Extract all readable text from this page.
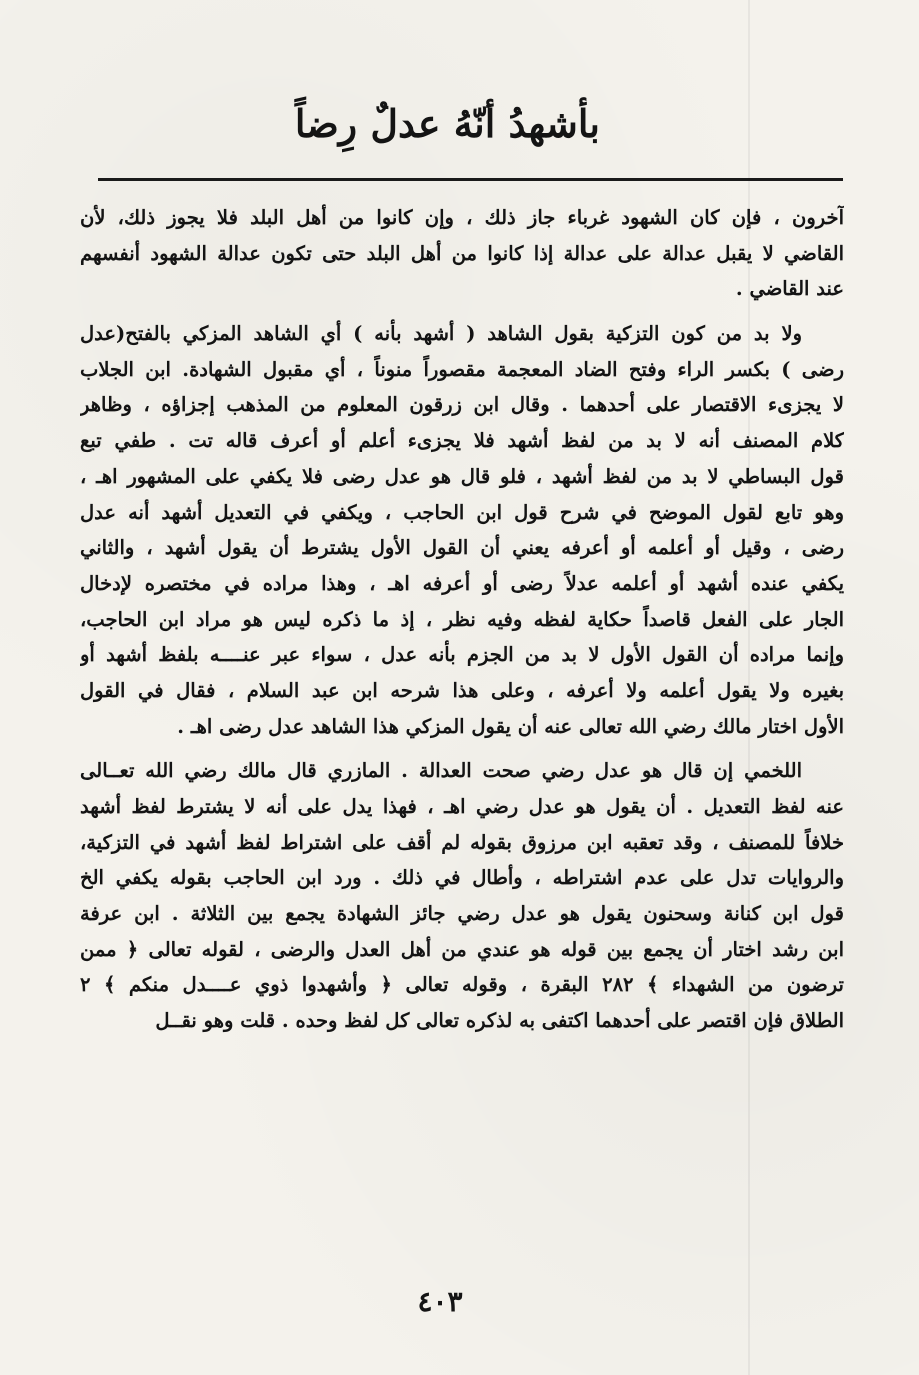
بأشهدُ أنّهُ عدلٌ رِضاً
آخرون ، فإن كان الشهود غرباء جاز ذلك ، وإن كانوا من أهل البلد فلا يجوز ذلك، لأن
القاضي لا يقبل عدالة على عدالة إذا كانوا من أهل البلد حتى تكون عدالة الشهود أنفسهم
عند القاضي .
ولا بد من كون التزكية بقول الشاهد ( أشهد بأنه ) أي الشاهد المزكي بالفتح(عدل
رضى ) بكسر الراء وفتح الضاد المعجمة مقصوراً منوناً ، أي مقبول الشهادة. ابن الجلاب
لا يجزىء الاقتصار على أحدهما . وقال ابن زرقون المعلوم من المذهب إجزاؤه ، وظاهر
كلام المصنف أنه لا بد من لفظ أشهد فلا يجزىء أعلم أو أعرف قاله تت . طفي تبع
قول البساطي لا بد من لفظ أشهد ، فلو قال هو عدل رضى فلا يكفي على المشهور اهـ ،
وهو تابع لقول الموضح في شرح قول ابن الحاجب ، ويكفي في التعديل أشهد أنه عدل
رضى ، وقيل أو أعلمه أو أعرفه يعني أن القول الأول يشترط أن يقول أشهد ، والثاني
يكفي عنده أشهد أو أعلمه عدلاً رضى أو أعرفه اهـ ، وهذا مراده في مختصره لإدخال
الجار على الفعل قاصداً حكاية لفظه وفيه نظر ، إذ ما ذكره ليس هو مراد ابن الحاجب،
وإنما مراده أن القول الأول لا بد من الجزم بأنه عدل ، سواء عبر عنــــه بلفظ أشهد أو
بغيره ولا يقول أعلمه ولا أعرفه ، وعلى هذا شرحه ابن عبد السلام ، فقال في القول
الأول اختار مالك رضي الله تعالى عنه أن يقول المزكي هذا الشاهد عدل رضى اهـ .
اللخمي إن قال هو عدل رضي صحت العدالة . المازري قال مالك رضي الله تعــالى
عنه لفظ التعديل . أن يقول هو عدل رضي اهـ ، فهذا يدل على أنه لا يشترط لفظ أشهد
خلافاً للمصنف ، وقد تعقبه ابن مرزوق بقوله لم أقف على اشتراط لفظ أشهد في التزكية،
والروايات تدل على عدم اشتراطه ، وأطال في ذلك . ورد ابن الحاجب بقوله يكفي الخ
قول ابن كنانة وسحنون يقول هو عدل رضي جائز الشهادة يجمع بين الثلاثة . ابن عرفة
ابن رشد اختار أن يجمع بين قوله هو عندي من أهل العدل والرضى ، لقوله تعالى ﴿ ممن
ترضون من الشهداء ﴾ ٢٨٢ البقرة ، وقوله تعالى ﴿ وأشهدوا ذوي عــــدل منكم ﴾ ٢
الطلاق فإن اقتصر على أحدهما اكتفى به لذكره تعالى كل لفظ وحده . قلت وهو نقــل
٤٠٣
